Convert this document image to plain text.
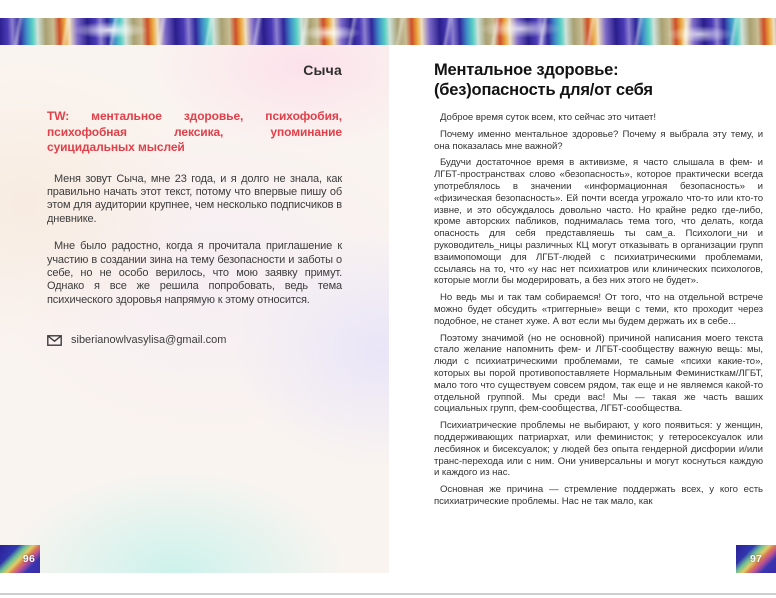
Сыча
TW: ментальное здоровье, психофобия, психофобная лексика, упоминание суицидальных мыслей

Меня зовут Сыча, мне 23 года, и я долго не знала, как правильно начать этот текст, потому что впервые пишу об этом для аудитории крупнее, чем несколько подписчиков в дневнике.

Мне было радостно, когда я прочитала приглашение к участию в создании зина на тему безопасности и заботы о себе, но не особо верилось, что мою заявку примут. Однако я все же решила попробовать, ведь тема психического здоровья напрямую к этому относится.

siberianowlvasylisa@gmail.com
96
Ментальное здоровье:
(без)опасность для/от себя

Доброе время суток всем, кто сейчас это читает!

Почему именно ментальное здоровье? Почему я выбрала эту тему, и она показалась мне важной?

Будучи достаточное время в активизме, я часто слышала в фем- и ЛГБТ-пространствах слово «безопасность», которое практически всегда употреблялось в значении «информационная безопасность» и «физическая безопасность». Ей почти всегда угрожало что-то или кто-то извне, и это обсуждалось довольно часто. Но крайне редко где-либо, кроме авторских пабликов, поднималась тема того, что делать, когда опасность для себя представляешь ты сам_а. Психологи_ни и руководитель_ницы различных КЦ могут отказывать в организации групп взаимопомощи для ЛГБТ-людей с психиатрическими проблемами, ссылаясь на то, что «у нас нет психиатров или клинических психологов, которые могли бы модерировать, а без них этого не будет».

Но ведь мы и так там собираемся! От того, что на отдельной встрече можно будет обсудить «триггерные» вещи с теми, кто проходит через подобное, не станет хуже. А вот если мы будем держать их в себе...

Поэтому значимой (но не основной) причиной написания моего текста стало желание напомнить фем- и ЛГБТ-сообществу важную вещь: мы, люди с психиатрическими проблемами, те самые «психи какие-то», которых вы порой противопоставляете Нормальным Феминисткам/ЛГБТ, мало того что существуем совсем рядом, так еще и не являемся какой-то отдельной группой. Мы среди вас! Мы — такая же часть ваших социальных групп, фем-сообщества, ЛГБТ-сообщества.

Психиатрические проблемы не выбирают, у кого появиться: у женщин, поддерживающих патриархат, или феминисток; у гетеросексуалок или лесбиянок и бисексуалок; у людей без опыта гендерной дисфории и/или транс-перехода или с ним. Они универсальны и могут коснуться каждую и каждого из нас.

Основная же причина — стремление поддержать всех, у кого есть психиатрические проблемы. Нас не так мало, как

97
